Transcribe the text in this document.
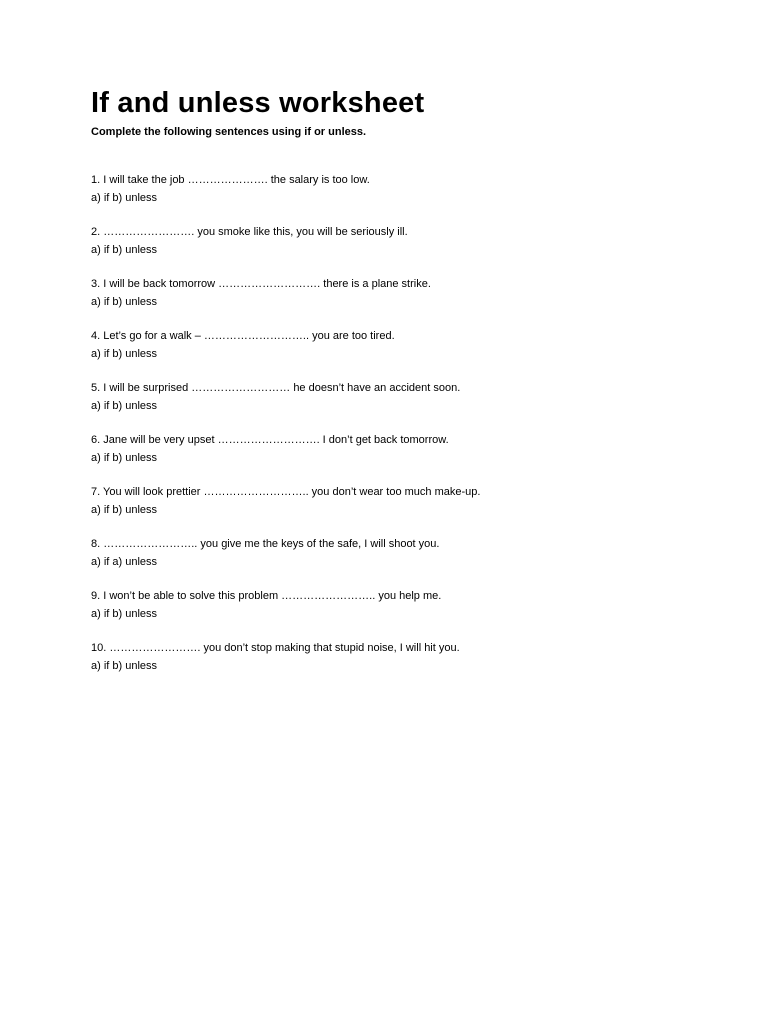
If and unless worksheet

Complete the following sentences using if or unless.

1. I will take the job …………………. the salary is too low.
a) if b) unless
2. ……………………. you smoke like this, you will be seriously ill.
a) if b) unless
3. I will be back tomorrow ………………………. there is a plane strike.
a) if b) unless
4. Let’s go for a walk – ……………………….. you are too tired.
a) if b) unless
5. I will be surprised ……………………… he doesn’t have an accident soon.
a) if b) unless
6. Jane will be very upset ………………………. I don’t get back tomorrow.
a) if b) unless
7. You will look prettier ……………………….. you don’t wear too much make-up.
a) if b) unless
8. …………………….. you give me the keys of the safe, I will shoot you.
a) if a) unless
9. I won’t be able to solve this problem …………………….. you help me.
a) if b) unless
10. ……………………. you don’t stop making that stupid noise, I will hit you.
a) if b) unless
